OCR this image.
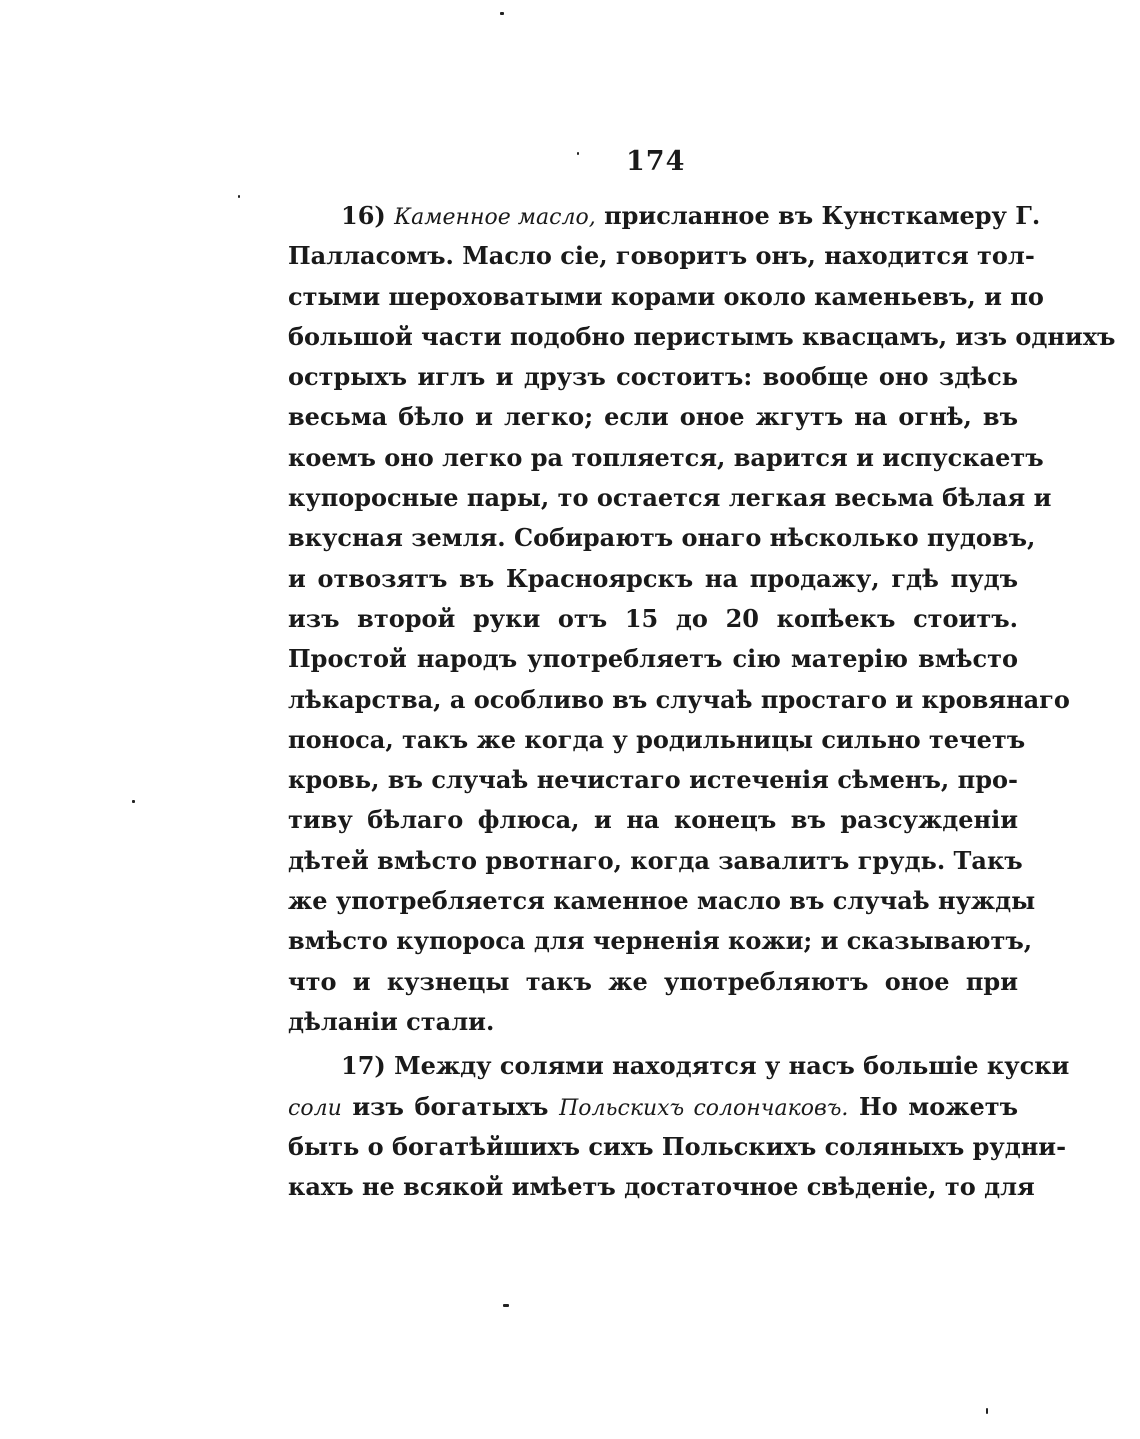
174
16) Каменное масло, присланное въ Кунсткамеру Г.
Палласомъ. Масло сiе, говоритъ онъ, находится тол-
стыми шероховатыми корами около каменьевъ, и по
большой части подобно перистымъ квасцамъ, изъ однихъ
острыхъ иглъ и друзъ состоитъ: вообще оно здѣсь
весьма бѣло и легко; если оное жгутъ на огнѣ, въ
коемъ оно легко ра топляется, варится и испускаетъ
купоросные пары, то остается легкая весьма бѣлая и
вкусная земля. Собираютъ онаго нѣсколько пудовъ,
и отвозятъ въ Красноярскъ на продажу, гдѣ пудъ
изъ второй руки отъ 15 до 20 копѣекъ стоитъ.
Простой народъ употребляетъ сiю матерiю вмѣсто
лѣкарства, а особливо въ случаѣ простаго и кровянаго
поноса, такъ же когда у родильницы сильно течетъ
кровь, въ случаѣ нечистаго истеченiя сѣменъ, про-
тиву бѣлаго флюса, и на конецъ въ разсужденiи
дѣтей вмѣсто рвотнаго, когда завалитъ грудь. Такъ
же употребляется каменное масло въ случаѣ нужды
вмѣсто купороса для черненiя кожи; и сказываютъ,
что и кузнецы такъ же употребляютъ оное при
дѣланiи стали.
17) Между солями находятся у насъ большiе куски
соли изъ богатыхъ Польскихъ солончаковъ. Но можетъ
быть о богатѣйшихъ сихъ Польскихъ соляныхъ рудни-
кахъ не всякой имѣетъ достаточное свѣденiе, то для
